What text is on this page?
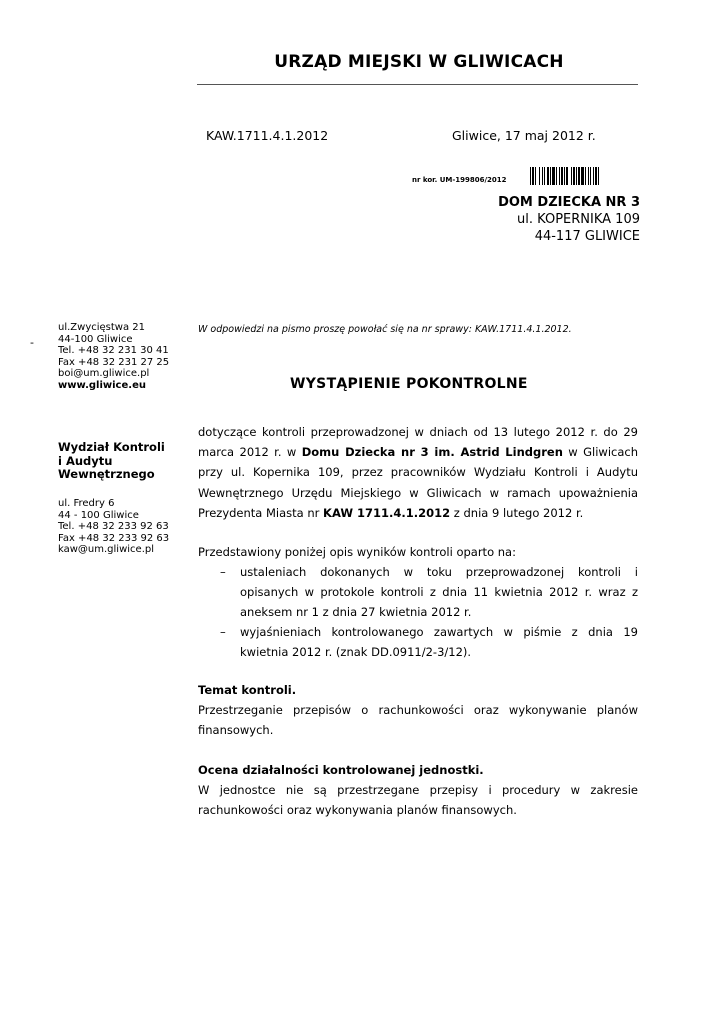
URZĄD MIEJSKI W GLIWICACH
KAW.1711.4.1.2012	Gliwice, 17 maj 2012 r.
nr kor. UM-199806/2012
DOM DZIECKA NR 3
ul. KOPERNIKA 109
44-117 GLIWICE
-
ul.Zwycięstwa 21
44-100 Gliwice
Tel. +48 32 231 30 41
Fax +48 32 231 27 25
boi@um.gliwice.pl
www.gliwice.eu
Wydział Kontroli
i Audytu
Wewnętrznego
ul. Fredry 6
44 - 100 Gliwice
Tel. +48 32 233 92 63
Fax +48 32 233 92 63
kaw@um.gliwice.pl
W odpowiedzi na pismo proszę powołać się na nr sprawy: KAW.1711.4.1.2012.
WYSTĄPIENIE POKONTROLNE
dotyczące kontroli przeprowadzonej w dniach od 13 lutego 2012 r. do 29 marca 2012 r. w Domu Dziecka nr 3 im. Astrid Lindgren w Gliwicach przy ul. Kopernika 109, przez pracowników Wydziału Kontroli i Audytu Wewnętrznego Urzędu Miejskiego w Gliwicach w ramach upoważnienia Prezydenta Miasta nr KAW 1711.4.1.2012 z dnia 9 lutego 2012 r.
Przedstawiony poniżej opis wyników kontroli oparto na:
– ustaleniach dokonanych w toku przeprowadzonej kontroli i opisanych w protokole kontroli z dnia 11 kwietnia 2012 r. wraz z aneksem nr 1 z dnia 27 kwietnia 2012 r.
– wyjaśnieniach kontrolowanego zawartych w piśmie z dnia 19 kwietnia 2012 r. (znak DD.0911/2-3/12).
Temat kontroli.
Przestrzeganie przepisów o rachunkowości oraz wykonywanie planów finansowych.
Ocena działalności kontrolowanej jednostki.
W jednostce nie są przestrzegane przepisy i procedury w zakresie rachunkowości oraz wykonywania planów finansowych.
